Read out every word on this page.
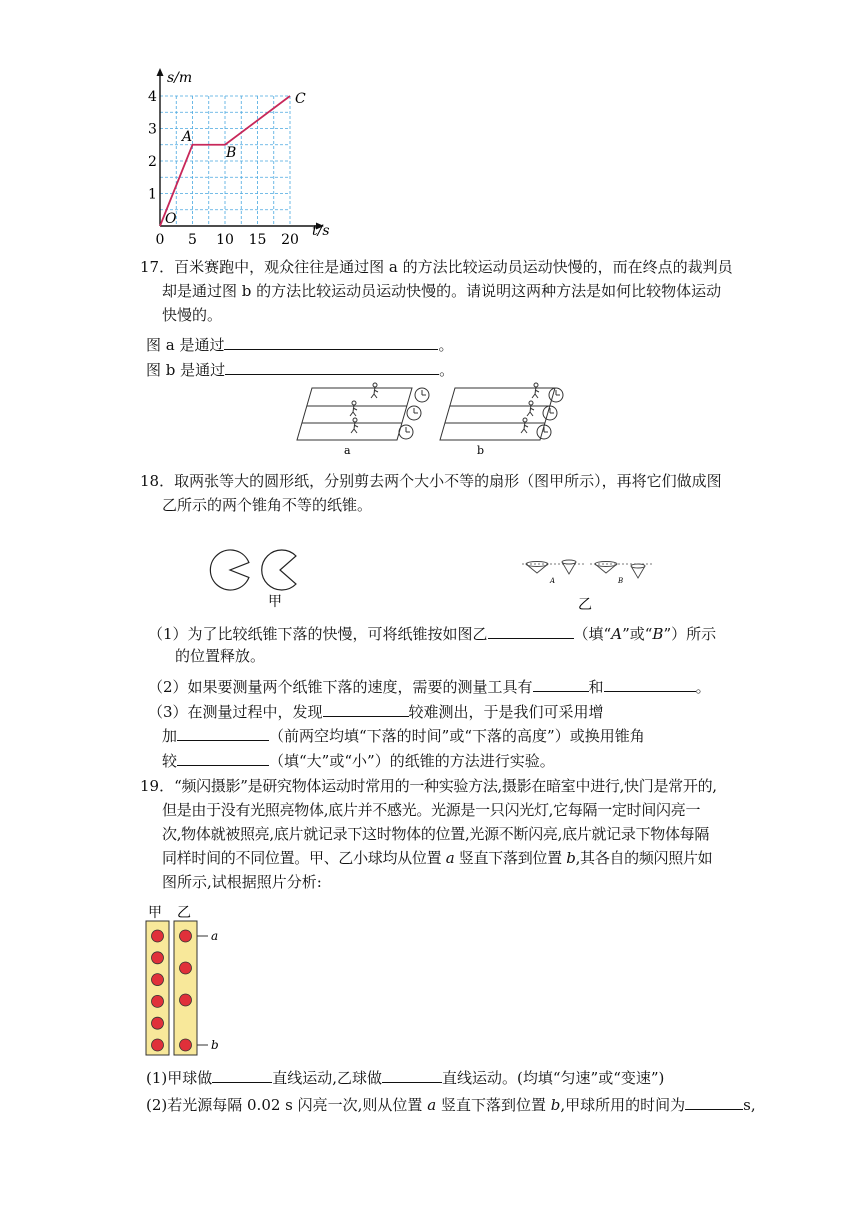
s/m
t/s
1
2
3
4
0 5 10 15 20
O
A
B
C
17．百米赛跑中，观众往往是通过图 a 的方法比较运动员运动快慢的，而在终点的裁判员
却是通过图 b 的方法比较运动员运动快慢的。请说明这两种方法是如何比较物体运动
快慢的。
图 a 是通过	。
图 b 是通过	。
a	b
18．取两张等大的圆形纸，分别剪去两个大小不等的扇形（图甲所示），再将它们做成图
乙所示的两个锥角不等的纸锥。
甲
A	B
乙
（1）为了比较纸锥下落的快慢，可将纸锥按如图乙	（填“A”或“B”）所示
的位置释放。
（2）如果要测量两个纸锥下落的速度，需要的测量工具有	和	。
（3）在测量过程中，发现	较难测出，于是我们可采用增
加	（前两空均填“下落的时间”或“下落的高度”）或换用锥角
较	（填“大”或“小”）的纸锥的方法进行实验。
19．“频闪摄影”是研究物体运动时常用的一种实验方法,摄影在暗室中进行,快门是常开的,
但是由于没有光照亮物体,底片并不感光。光源是一只闪光灯,它每隔一定时间闪亮一
次,物体就被照亮,底片就记录下这时物体的位置,光源不断闪亮,底片就记录下物体每隔
同样时间的不同位置。甲、乙小球均从位置 a 竖直下落到位置 b,其各自的频闪照片如
图所示,试根据照片分析:
甲 乙
a
b
(1)甲球做	直线运动,乙球做	直线运动。(均填“匀速”或“变速”)
(2)若光源每隔 0.02 s 闪亮一次,则从位置 a 竖直下落到位置 b,甲球所用的时间为	s,
